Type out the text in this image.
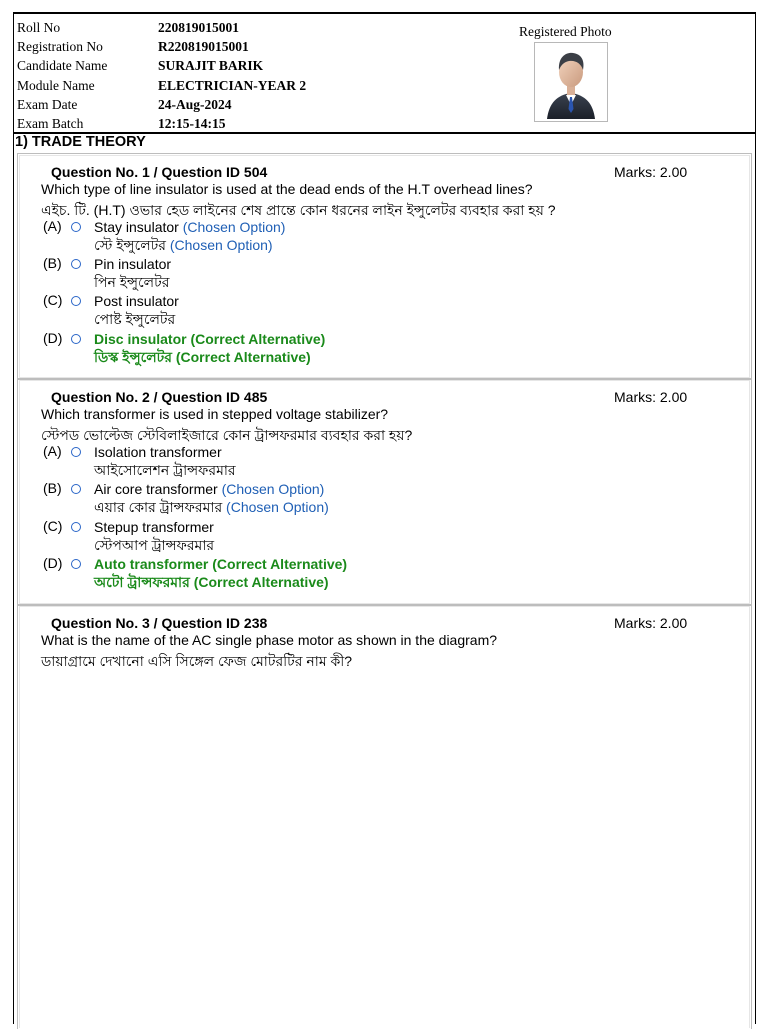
Roll No	220819015001
Registration No	R220819015001
Candidate Name	SURAJIT BARIK
Module Name	ELECTRICIAN-YEAR 2
Exam Date	24-Aug-2024
Exam Batch	12:15-14:15
Registered Photo
1) TRADE THEORY
Question No. 1 / Question ID 504	Marks: 2.00
Which type of line insulator is used at the dead ends of the H.T overhead lines?
এইচ. টি. (H.T) ওভার হেড লাইনের শেষ প্রান্তে কোন ধরনের লাইন ইন্সুলেটর ব্যবহার করা হয় ?
(A)	Stay insulator (Chosen Option)
স্টে ইন্সুলেটর (Chosen Option)
(B)	Pin insulator
পিন ইন্সুলেটর
(C)	Post insulator
পোষ্ট ইন্সুলেটর
(D)	Disc insulator (Correct Alternative)
ডিস্ক ইন্সুলেটর (Correct Alternative)
Question No. 2 / Question ID 485	Marks: 2.00
Which transformer is used in stepped voltage stabilizer?
স্টেপড ভোল্টেজ স্টেবিলাইজারে কোন ট্রান্সফরমার ব্যবহার করা হয়?
(A)	Isolation transformer
আইসোলেশন ট্রান্সফরমার
(B)	Air core transformer (Chosen Option)
এয়ার কোর ট্রান্সফরমার (Chosen Option)
(C)	Stepup transformer
স্টেপআপ ট্রান্সফরমার
(D)	Auto transformer (Correct Alternative)
অটো ট্রান্সফরমার (Correct Alternative)
Question No. 3 / Question ID 238	Marks: 2.00
What is the name of the AC single phase motor as shown in the diagram?
ডায়াগ্রামে দেখানো এসি সিঙ্গেল ফেজ মোটরটির নাম কী?
